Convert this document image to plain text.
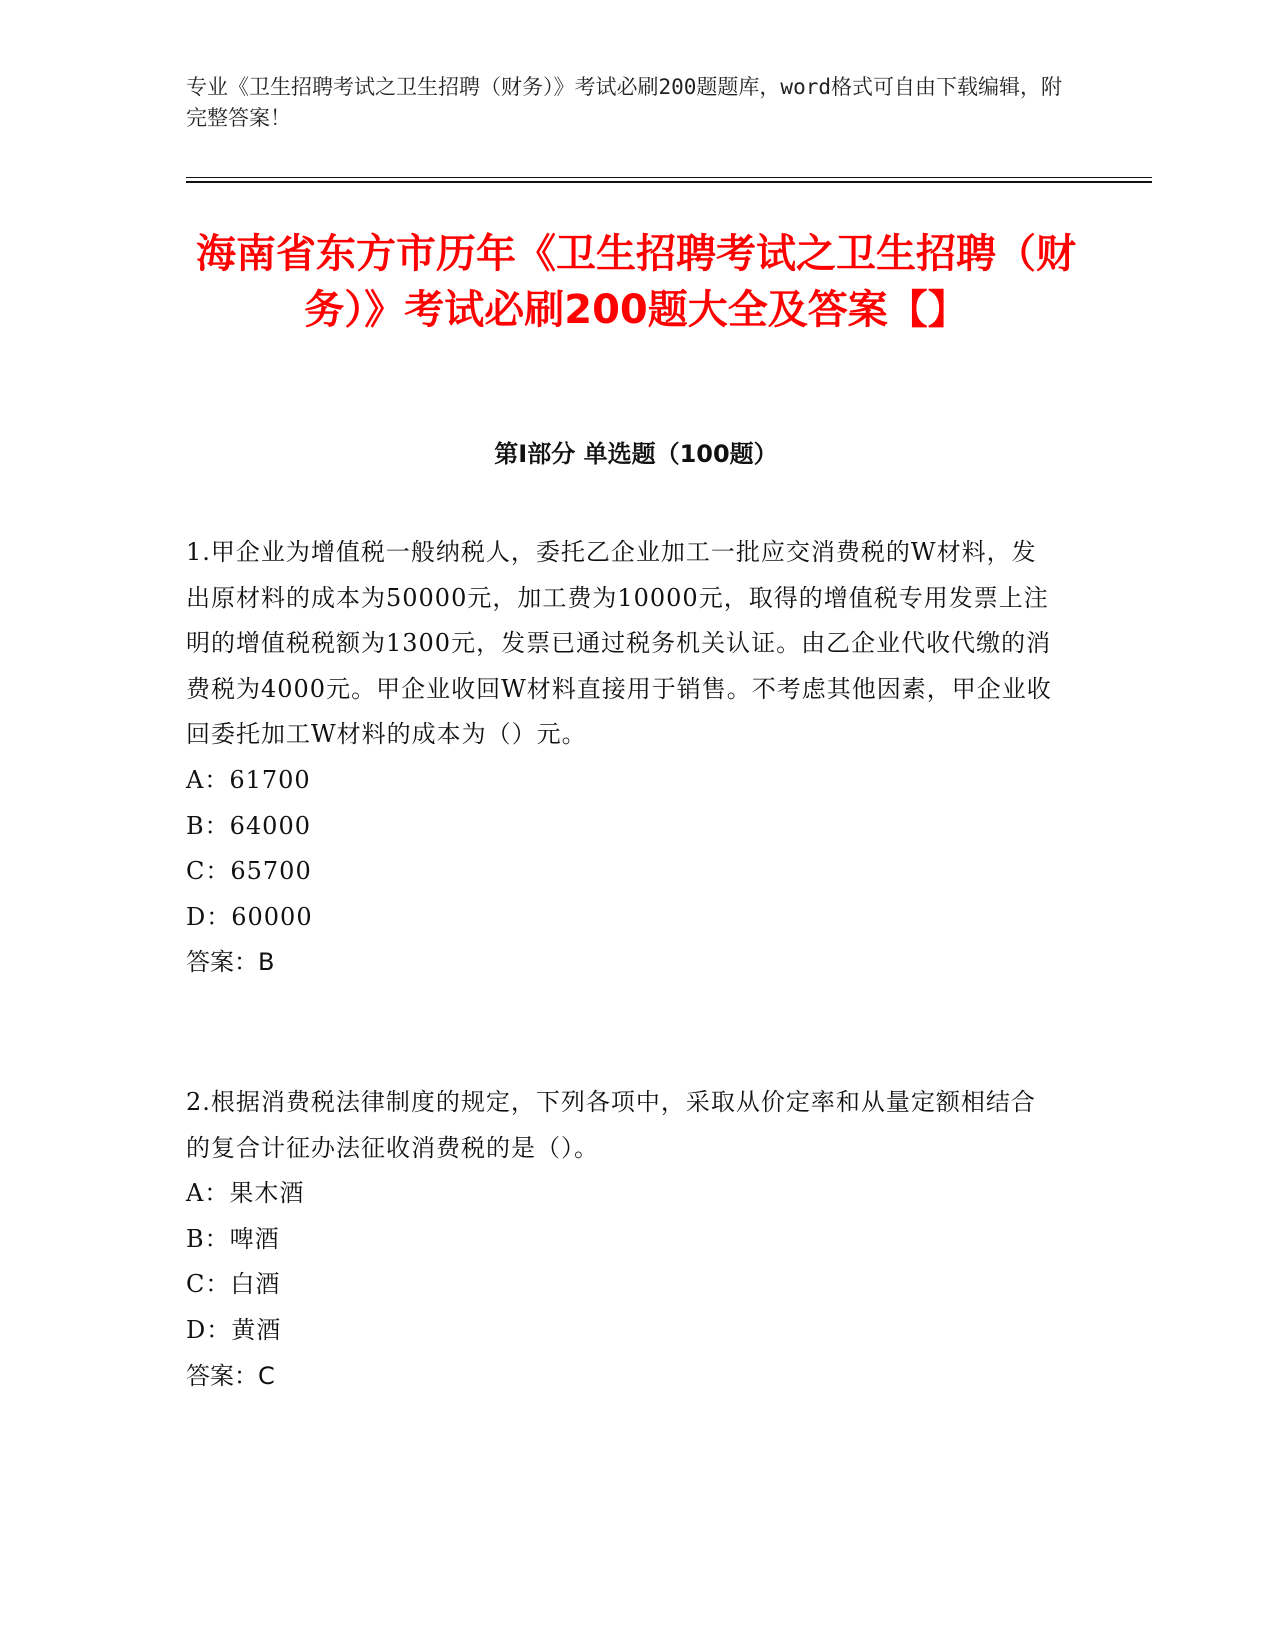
专业《卫生招聘考试之卫生招聘（财务）》考试必刷200题题库，word格式可自由下载编辑，附完整答案！
海南省东方市历年《卫生招聘考试之卫生招聘（财务）》考试必刷200题大全及答案【】
第I部分 单选题（100题）
1.甲企业为增值税一般纳税人，委托乙企业加工一批应交消费税的W材料，发出原材料的成本为50000元，加工费为10000元，取得的增值税专用发票上注明的增值税税额为1300元，发票已通过税务机关认证。由乙企业代收代缴的消费税为4000元。甲企业收回W材料直接用于销售。不考虑其他因素，甲企业收回委托加工W材料的成本为（）元。
A：61700
B：64000
C：65700
D：60000
答案：B
2.根据消费税法律制度的规定，下列各项中，采取从价定率和从量定额相结合的复合计征办法征收消费税的是（）。
A：果木酒
B：啤酒
C：白酒
D：黄酒
答案：C
